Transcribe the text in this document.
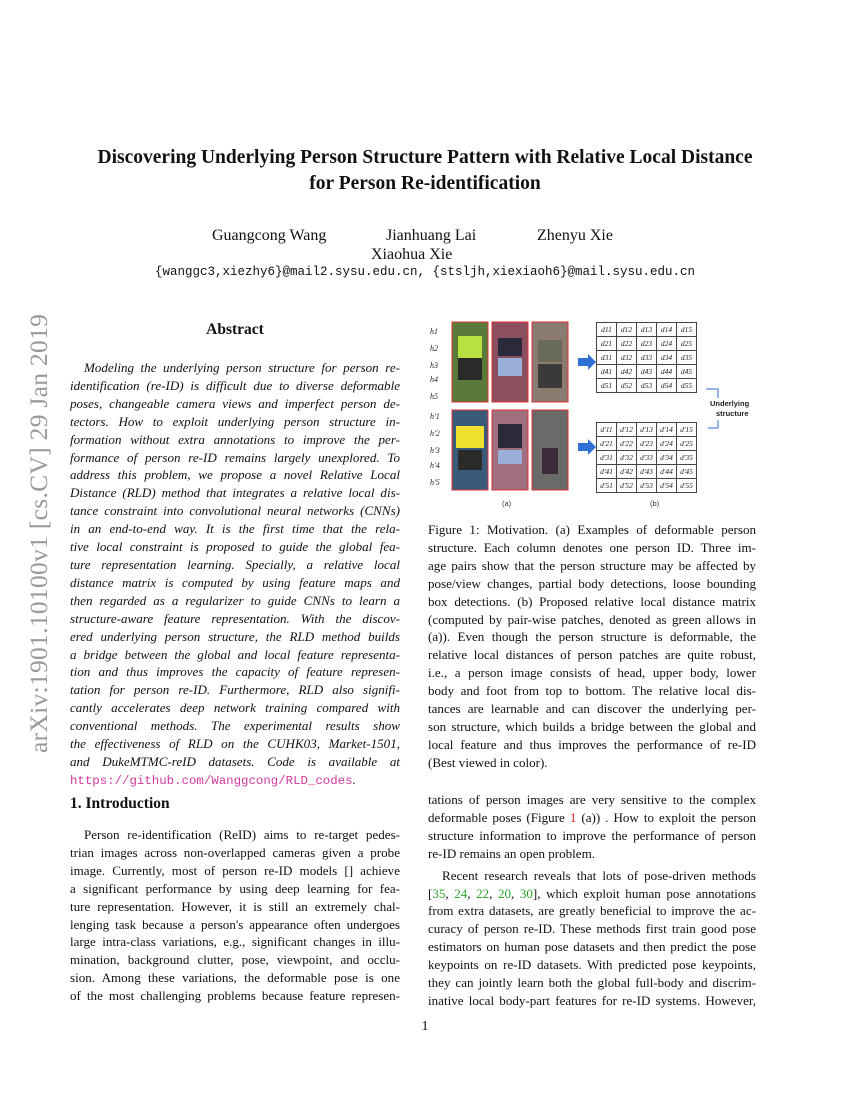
arXiv:1901.10100v1 [cs.CV] 29 Jan 2019
Discovering Underlying Person Structure Pattern with Relative Local Distance
for Person Re-identification
Guangcong Wang	Jianhuang Lai	Zhenyu Xie
Xiaohua Xie
{wanggc3,xiezhy6}@mail2.sysu.edu.cn, {stsljh,xiexiaoh6}@mail.sysu.edu.cn
Abstract
Modeling the underlying person structure for person re-
identification (re-ID) is difficult due to diverse deformable
poses, changeable camera views and imperfect person de-
tectors. How to exploit underlying person structure in-
formation without extra annotations to improve the per-
formance of person re-ID remains largely unexplored. To
address this problem, we propose a novel Relative Local
Distance (RLD) method that integrates a relative local dis-
tance constraint into convolutional neural networks (CNNs)
in an end-to-end way. It is the first time that the rela-
tive local constraint is proposed to guide the global fea-
ture representation learning. Specially, a relative local
distance matrix is computed by using feature maps and
then regarded as a regularizer to guide CNNs to learn a
structure-aware feature representation. With the discov-
ered underlying person structure, the RLD method builds
a bridge between the global and local feature representa-
tion and thus improves the capacity of feature represen-
tation for person re-ID. Furthermore, RLD also signifi-
cantly accelerates deep network training compared with
conventional methods. The experimental results show
the effectiveness of RLD on the CUHK03, Market-1501,
and DukeMTMC-reID datasets. Code is available at
https://github.com/Wanggcong/RLD_codes.
h1
h2
h3
h4
h5
h'1
h'2
h'3
h'4
h'5
(a)	(b)
Underlying
structure
d11	d12	d13	d14	d15
d21	d22	d23	d24	d25
d31	d32	d33	d34	d35
d41	d42	d43	d44	d45
d51	d52	d53	d54	d55
d'11	d'12	d'13	d'14	d'15
d'21	d'22	d'23	d'24	d'25
d'31	d'32	d'33	d'34	d'35
d'41	d'42	d'43	d'44	d'45
d'51	d'52	d'53	d'54	d'55
Figure 1: Motivation. (a) Examples of deformable person
structure. Each column denotes one person ID. Three im-
age pairs show that the person structure may be affected by
pose/view changes, partial body detections, loose bounding
box detections. (b) Proposed relative local distance matrix
(computed by pair-wise patches, denoted as green allows in
(a)). Even though the person structure is deformable, the
relative local distances of person patches are quite robust,
i.e., a person image consists of head, upper body, lower
body and foot from top to bottom. The relative local dis-
tances are learnable and can discover the underlying per-
son structure, which builds a bridge between the global and
local feature and thus improves the performance of re-ID
(Best viewed in color).
1. Introduction
Person re-identification (ReID) aims to re-target pedes-
trian images across non-overlapped cameras given a probe
image. Currently, most of person re-ID models [] achieve
a significant performance by using deep learning for fea-
ture representation. However, it is still an extremely chal-
lenging task because a person's appearance often undergoes
large intra-class variations, e.g., significant changes in illu-
mination, background clutter, pose, viewpoint, and occlu-
sion. Among these variations, the deformable pose is one
of the most challenging problems because feature represen-
tations of person images are very sensitive to the complex
deformable poses (Figure 1 (a)) . How to exploit the person
structure information to improve the performance of person
re-ID remains an open problem.
Recent research reveals that lots of pose-driven methods
[35, 24, 22, 20, 30], which exploit human pose annotations
from extra datasets, are greatly beneficial to improve the ac-
curacy of person re-ID. These methods first train good pose
estimators on human pose datasets and then predict the pose
keypoints on re-ID datasets. With predicted pose keypoints,
they can jointly learn both the global full-body and discrim-
inative local body-part features for re-ID systems. However,
1
